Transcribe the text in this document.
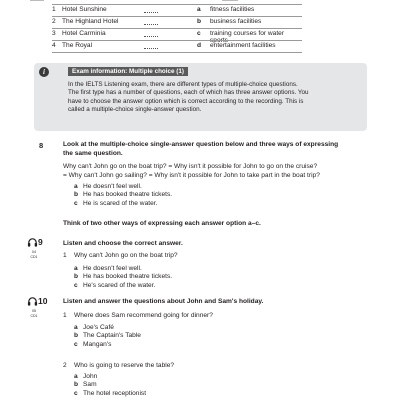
1 Hotel Sunshine	a fitness facilities
2 The Highland Hotel	b business facilities
3 Hotel Carminia	c training courses for water sports
4 The Royal	d entertainment facilities
i	Exam information: Multiple choice (1)
In the IELTS Listening exam, there are different types of multiple-choice questions.
The first type has a number of questions, each of which has three answer options. You
have to choose the answer option which is correct according to the recording. This is
called a multiple-choice single-answer question.
8	Look at the multiple-choice single-answer question below and three ways of expressing
the same question.
Why can't John go on the boat trip? = Why isn't it possible for John to go on the cruise?
= Why can't John go sailing? = Why isn't it possible for John to take part in the boat trip?
a He doesn't feel well.
b He has booked theatre tickets.
c He is scared of the water.
Think of two other ways of expressing each answer option a–c.
9
04
CD1
Listen and choose the correct answer.
1 Why can't John go on the boat trip?
a He doesn't feel well.
b He has booked theatre tickets.
c He's scared of the water.
10
05
CD1
Listen and answer the questions about John and Sam's holiday.
1 Where does Sam recommend going for dinner?
a Joe's Café
b The Captain's Table
c Mangan's
2 Who is going to reserve the table?
a John
b Sam
c The hotel receptionist
